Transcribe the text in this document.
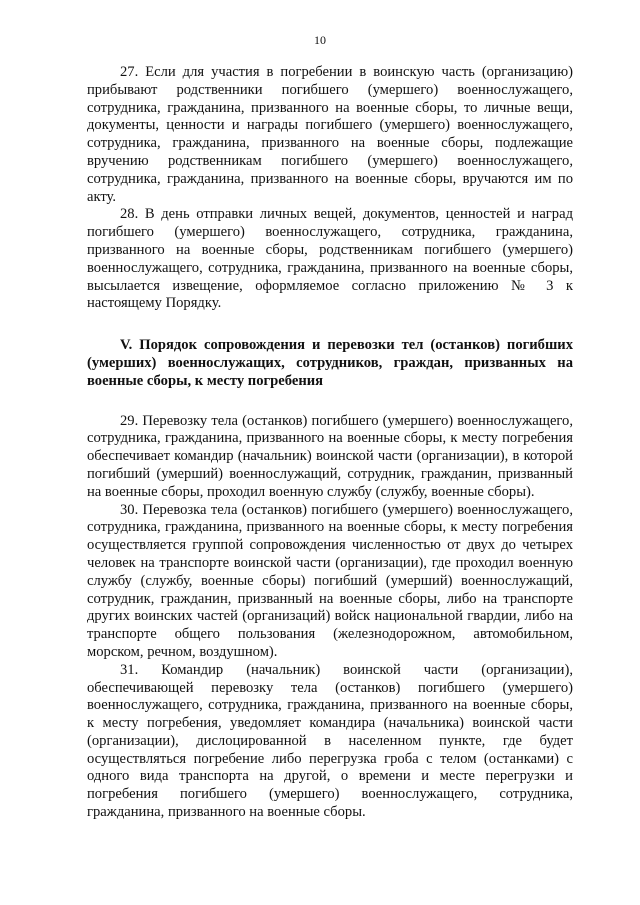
10

27. Если для участия в погребении в воинскую часть (организацию) прибывают родственники погибшего (умершего) военнослужащего, сотрудника, гражданина, призванного на военные сборы, то личные вещи, документы, ценности и награды погибшего (умершего) военнослужащего, сотрудника, гражданина, призванного на военные сборы, подлежащие вручению родственникам погибшего (умершего) военнослужащего, сотрудника, гражданина, призванного на военные сборы, вручаются им по акту.

28. В день отправки личных вещей, документов, ценностей и наград погибшего (умершего) военнослужащего, сотрудника, гражданина, призванного на военные сборы, родственникам погибшего (умершего) военнослужащего, сотрудника, гражданина, призванного на военные сборы, высылается извещение, оформляемое согласно приложению № 3 к настоящему Порядку.

V. Порядок сопровождения и перевозки тел (останков) погибших (умерших) военнослужащих, сотрудников, граждан, призванных на военные сборы, к месту погребения

29. Перевозку тела (останков) погибшего (умершего) военнослужащего, сотрудника, гражданина, призванного на военные сборы, к месту погребения обеспечивает командир (начальник) воинской части (организации), в которой погибший (умерший) военнослужащий, сотрудник, гражданин, призванный на военные сборы, проходил военную службу (службу, военные сборы).

30. Перевозка тела (останков) погибшего (умершего) военнослужащего, сотрудника, гражданина, призванного на военные сборы, к месту погребения осуществляется группой сопровождения численностью от двух до четырех человек на транспорте воинской части (организации), где проходил военную службу (службу, военные сборы) погибший (умерший) военнослужащий, сотрудник, гражданин, призванный на военные сборы, либо на транспорте других воинских частей (организаций) войск национальной гвардии, либо на транспорте общего пользования (железнодорожном, автомобильном, морском, речном, воздушном).

31. Командир (начальник) воинской части (организации), обеспечивающей перевозку тела (останков) погибшего (умершего) военнослужащего, сотрудника, гражданина, призванного на военные сборы, к месту погребения, уведомляет командира (начальника) воинской части (организации), дислоцированной в населенном пункте, где будет осуществляться погребение либо перегрузка гроба с телом (останками) с одного вида транспорта на другой, о времени и месте перегрузки и погребения погибшего (умершего) военнослужащего, сотрудника, гражданина, призванного на военные сборы.
